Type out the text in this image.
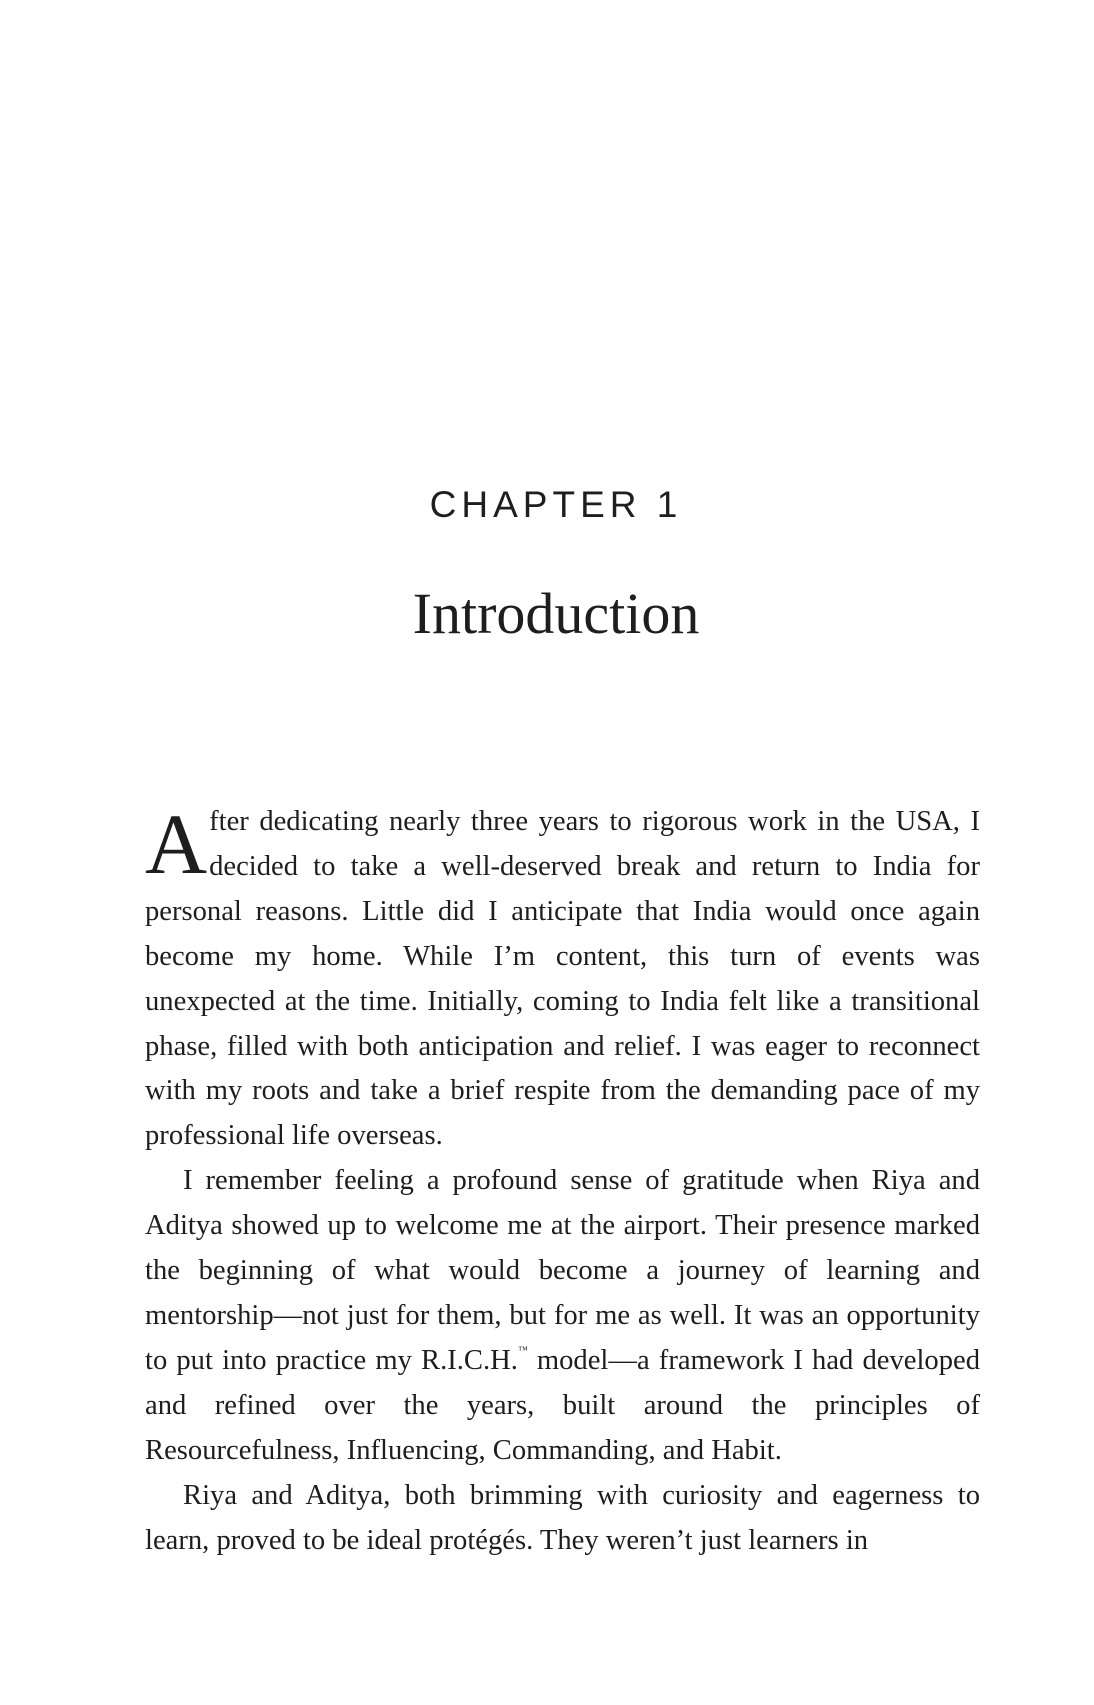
CHAPTER 1
Introduction

After dedicating nearly three years to rigorous work in the USA, I decided to take a well-deserved break and return to India for personal reasons. Little did I anticipate that India would once again become my home. While I’m content, this turn of events was unexpected at the time. Initially, coming to India felt like a transitional phase, filled with both anticipation and relief. I was eager to reconnect with my roots and take a brief respite from the demanding pace of my professional life overseas.

I remember feeling a profound sense of gratitude when Riya and Aditya showed up to welcome me at the airport. Their presence marked the beginning of what would become a journey of learning and mentorship—not just for them, but for me as well. It was an opportunity to put into practice my R.I.C.H.™ model—a framework I had developed and refined over the years, built around the principles of Resourcefulness, Influencing, Commanding, and Habit.

Riya and Aditya, both brimming with curiosity and eagerness to learn, proved to be ideal protégés. They weren’t just learners in
